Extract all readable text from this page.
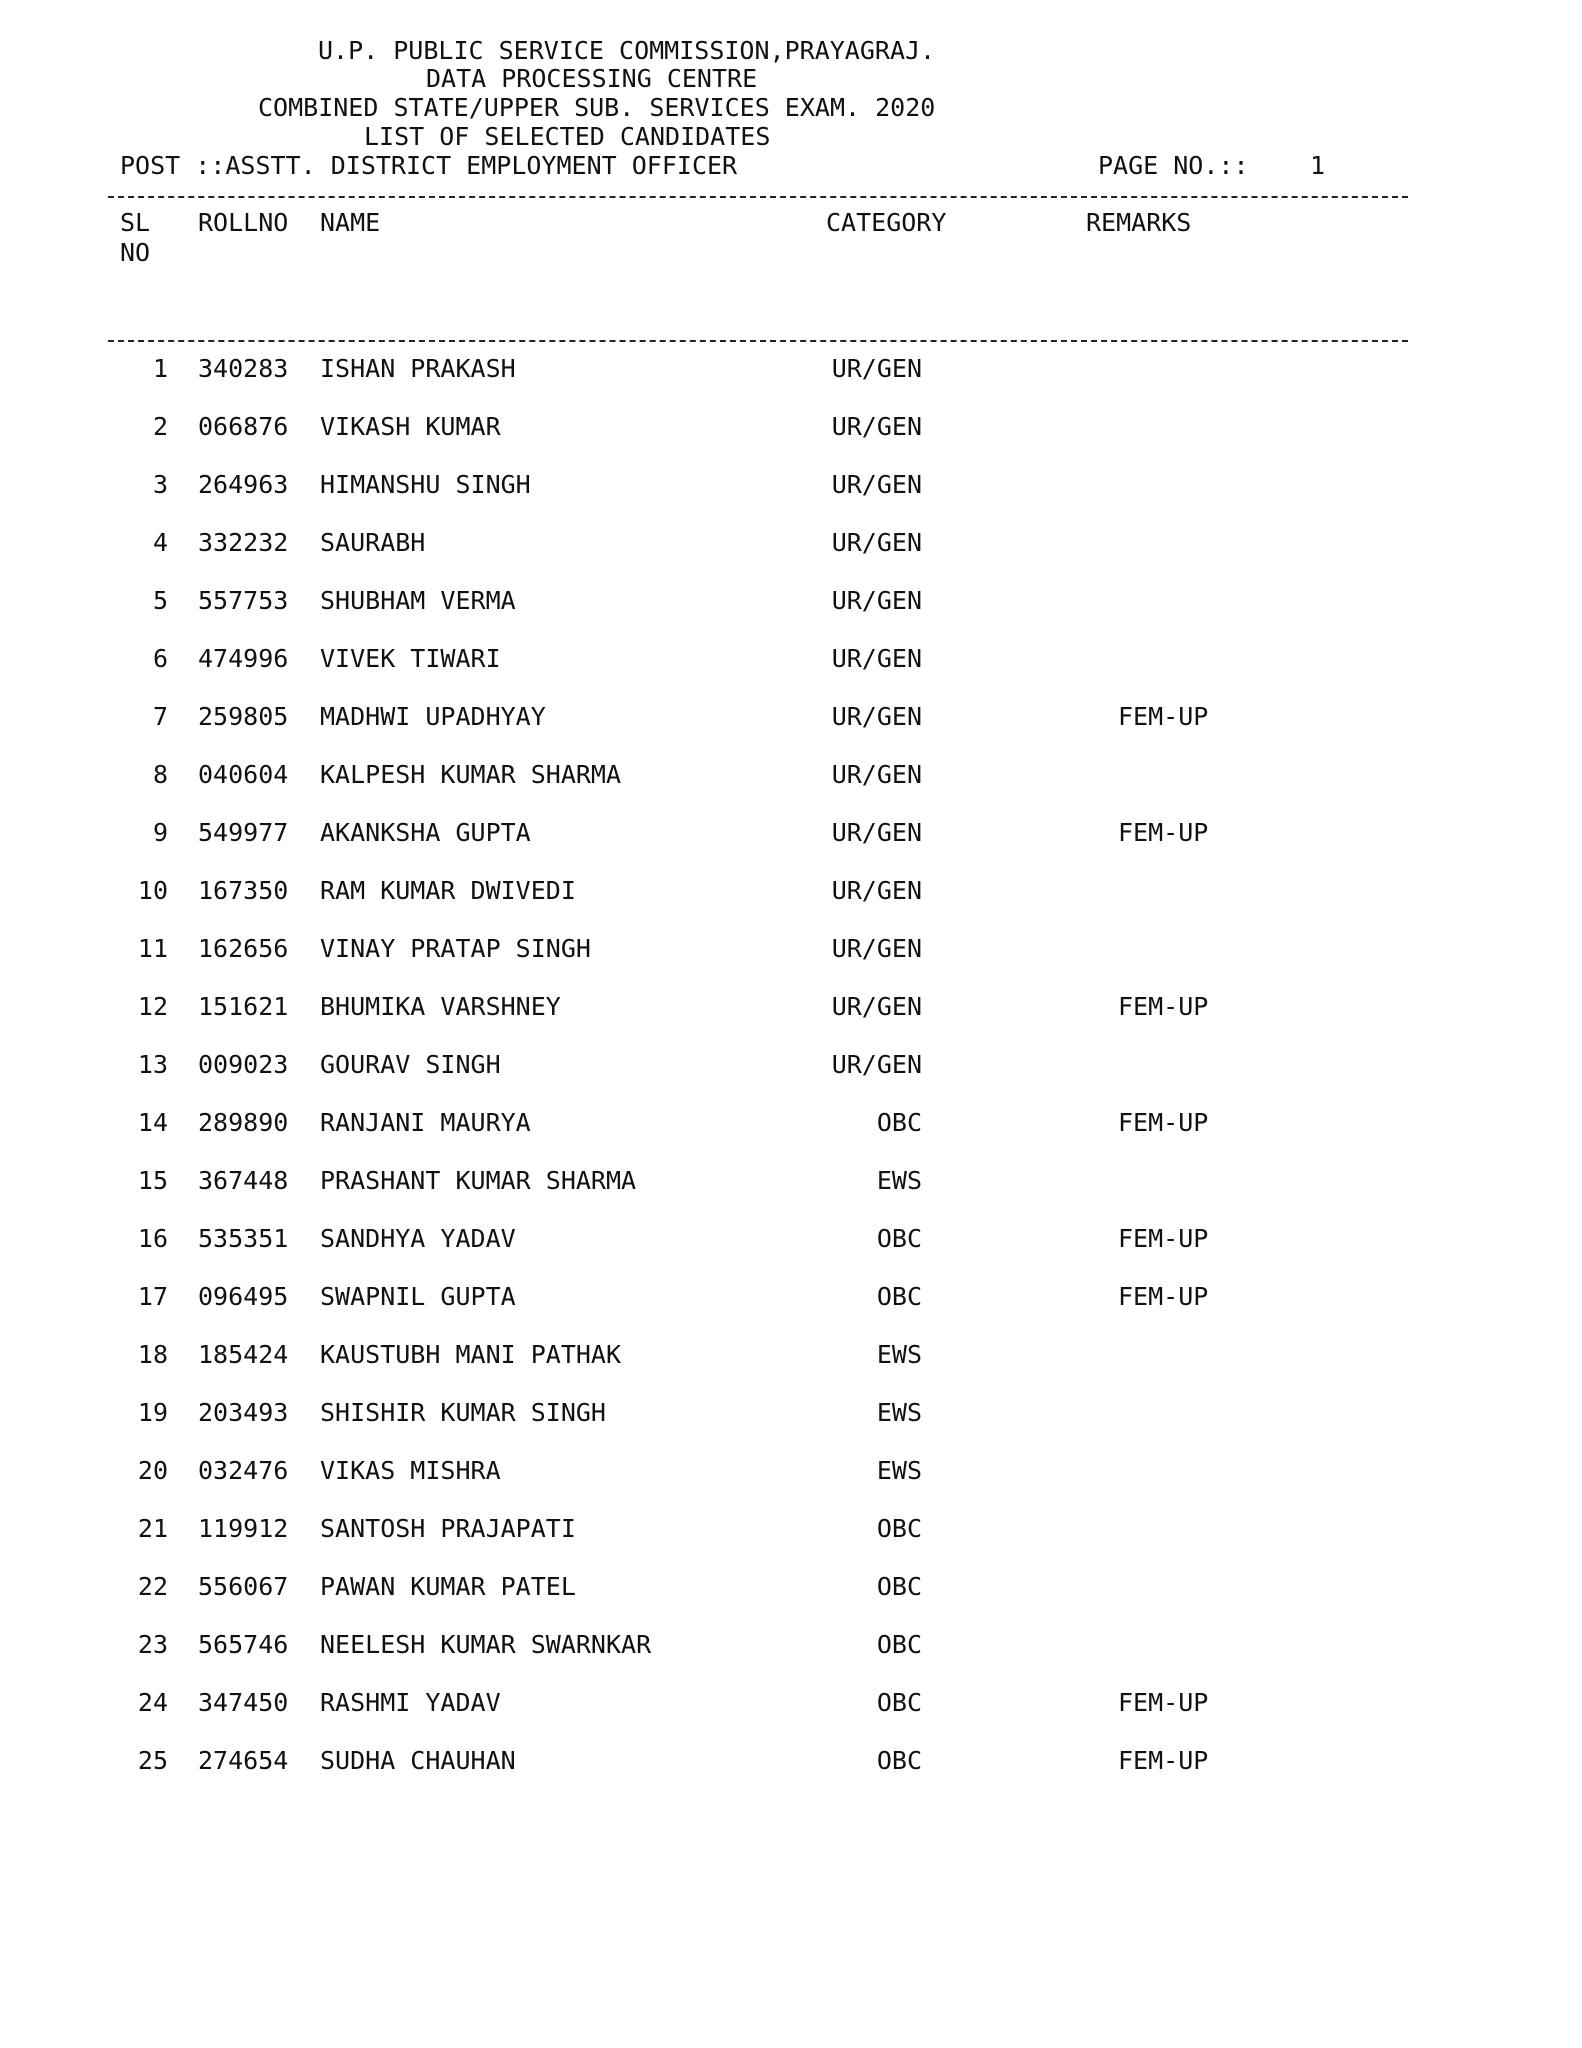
U.P. PUBLIC SERVICE COMMISSION,PRAYAGRAJ.
DATA PROCESSING CENTRE
COMBINED STATE/UPPER SUB. SERVICES EXAM. 2020
LIST OF SELECTED CANDIDATES
POST ::ASSTT. DISTRICT EMPLOYMENT OFFICER	PAGE NO.:: 1
SL
NO
ROLLNO NAME	CATEGORY	REMARKS
1 340283 ISHAN PRAKASH	UR/GEN
2 066876 VIKASH KUMAR	UR/GEN
3 264963 HIMANSHU SINGH	UR/GEN
4 332232 SAURABH	UR/GEN
5 557753 SHUBHAM VERMA	UR/GEN
6 474996 VIVEK TIWARI	UR/GEN
7 259805 MADHWI UPADHYAY	UR/GEN	FEM-UP
8 040604 KALPESH KUMAR SHARMA	UR/GEN
9 549977 AKANKSHA GUPTA	UR/GEN	FEM-UP
10 167350 RAM KUMAR DWIVEDI	UR/GEN
11 162656 VINAY PRATAP SINGH	UR/GEN
12 151621 BHUMIKA VARSHNEY	UR/GEN	FEM-UP
13 009023 GOURAV SINGH	UR/GEN
14 289890 RANJANI MAURYA	OBC	FEM-UP
15 367448 PRASHANT KUMAR SHARMA	EWS
16 535351 SANDHYA YADAV	OBC	FEM-UP
17 096495 SWAPNIL GUPTA	OBC	FEM-UP
18 185424 KAUSTUBH MANI PATHAK	EWS
19 203493 SHISHIR KUMAR SINGH	EWS
20 032476 VIKAS MISHRA	EWS
21 119912 SANTOSH PRAJAPATI	OBC
22 556067 PAWAN KUMAR PATEL	OBC
23 565746 NEELESH KUMAR SWARNKAR	OBC
24 347450 RASHMI YADAV	OBC	FEM-UP
25 274654 SUDHA CHAUHAN	OBC	FEM-UP
